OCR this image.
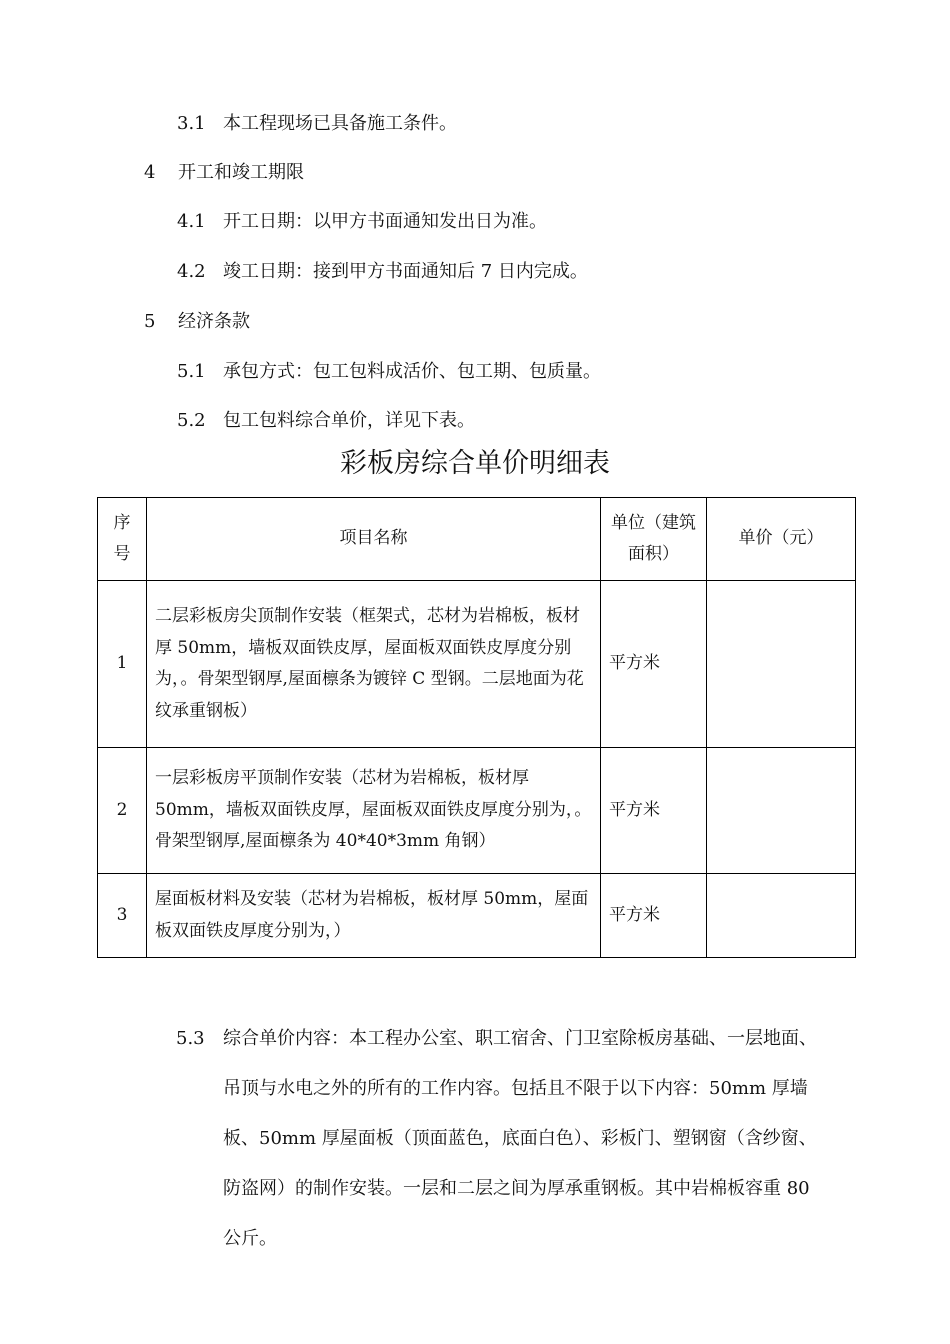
3.1 本工程现场已具备施工条件。
4 开工和竣工期限
4.1 开工日期：以甲方书面通知发出日为准。
4.2 竣工日期：接到甲方书面通知后 7 日内完成。
5 经济条款
5.1 承包方式：包工包料成活价、包工期、包质量。
5.2 包工包料综合单价，详见下表。
彩板房综合单价明细表
序号	项目名称	单位（建筑面积）	单价（元）
1	二层彩板房尖顶制作安装（框架式，芯材为岩棉板，板材厚 50mm，墙板双面铁皮厚，屋面板双面铁皮厚度分别为，。骨架型钢厚,屋面檩条为镀锌 C 型钢。二层地面为花纹承重钢板）	平方米	
2	一层彩板房平顶制作安装（芯材为岩棉板，板材厚 50mm，墙板双面铁皮厚，屋面板双面铁皮厚度分别为，。骨架型钢厚,屋面檩条为 40*40*3mm 角钢）	平方米	
3	屋面板材料及安装（芯材为岩棉板，板材厚 50mm，屋面板双面铁皮厚度分别为，）	平方米	
5.3 综合单价内容：本工程办公室、职工宿舍、门卫室除板房基础、一层地面、吊顶与水电之外的所有的工作内容。包括且不限于以下内容：50mm 厚墙板、50mm 厚屋面板（顶面蓝色，底面白色）、彩板门、塑钢窗（含纱窗、防盗网）的制作安装。一层和二层之间为厚承重钢板。其中岩棉板容重 80 公斤。
